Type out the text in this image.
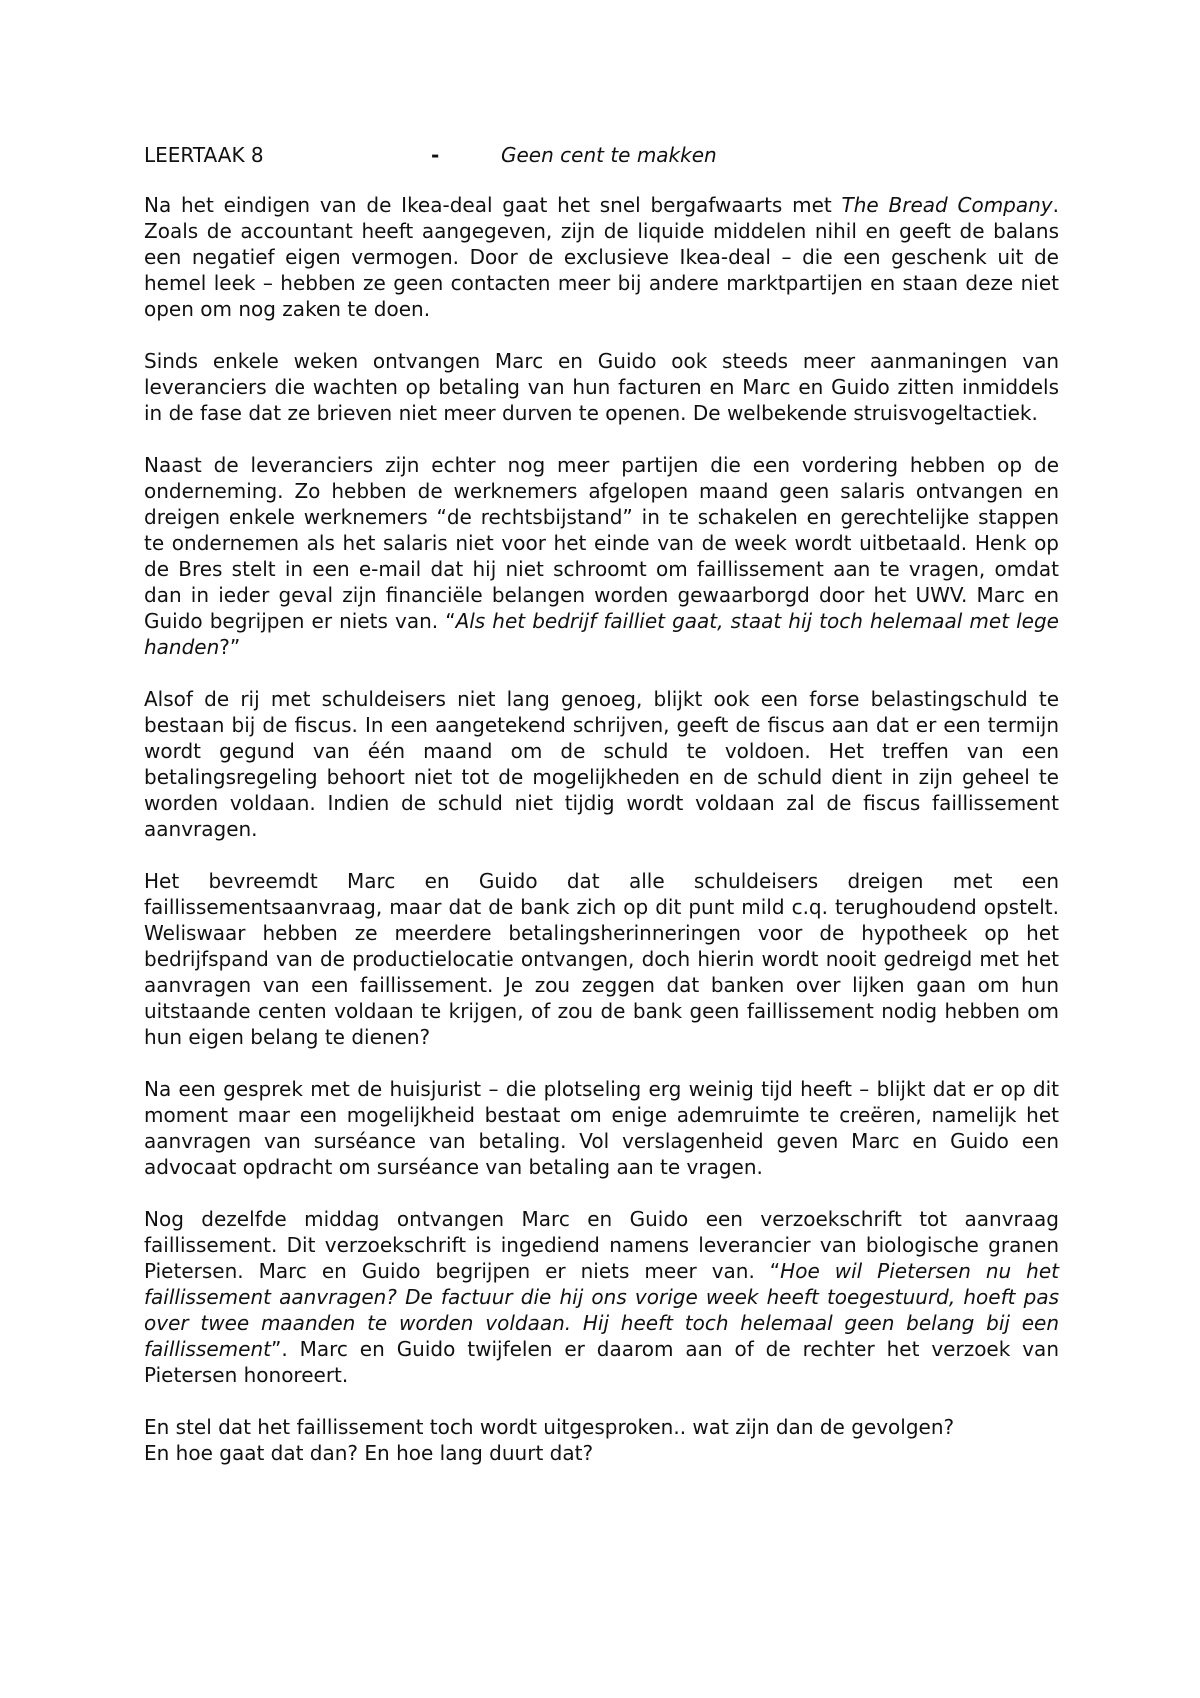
LEERTAAK 8	-	Geen cent te makken

Na het eindigen van de Ikea-deal gaat het snel bergafwaarts met The Bread Company. Zoals de accountant heeft aangegeven, zijn de liquide middelen nihil en geeft de balans een negatief eigen vermogen. Door de exclusieve Ikea-deal – die een geschenk uit de hemel leek – hebben ze geen contacten meer bij andere marktpartijen en staan deze niet open om nog zaken te doen.

Sinds enkele weken ontvangen Marc en Guido ook steeds meer aanmaningen van leveranciers die wachten op betaling van hun facturen en Marc en Guido zitten inmiddels in de fase dat ze brieven niet meer durven te openen. De welbekende struisvogeltactiek.

Naast de leveranciers zijn echter nog meer partijen die een vordering hebben op de onderneming. Zo hebben de werknemers afgelopen maand geen salaris ontvangen en dreigen enkele werknemers “de rechtsbijstand” in te schakelen en gerechtelijke stappen te ondernemen als het salaris niet voor het einde van de week wordt uitbetaald. Henk op de Bres stelt in een e-mail dat hij niet schroomt om faillissement aan te vragen, omdat dan in ieder geval zijn financiële belangen worden gewaarborgd door het UWV. Marc en Guido begrijpen er niets van. “Als het bedrijf failliet gaat, staat hij toch helemaal met lege handen?”

Alsof de rij met schuldeisers niet lang genoeg, blijkt ook een forse belastingschuld te bestaan bij de fiscus. In een aangetekend schrijven, geeft de fiscus aan dat er een termijn wordt gegund van één maand om de schuld te voldoen. Het treffen van een betalingsregeling behoort niet tot de mogelijkheden en de schuld dient in zijn geheel te worden voldaan. Indien de schuld niet tijdig wordt voldaan zal de fiscus faillissement aanvragen.

Het bevreemdt Marc en Guido dat alle schuldeisers dreigen met een faillissementsaanvraag, maar dat de bank zich op dit punt mild c.q. terughoudend opstelt. Weliswaar hebben ze meerdere betalingsherinneringen voor de hypotheek op het bedrijfspand van de productielocatie ontvangen, doch hierin wordt nooit gedreigd met het aanvragen van een faillissement. Je zou zeggen dat banken over lijken gaan om hun uitstaande centen voldaan te krijgen, of zou de bank geen faillissement nodig hebben om hun eigen belang te dienen?

Na een gesprek met de huisjurist – die plotseling erg weinig tijd heeft – blijkt dat er op dit moment maar een mogelijkheid bestaat om enige ademruimte te creëren, namelijk het aanvragen van surséance van betaling. Vol verslagenheid geven Marc en Guido een advocaat opdracht om surséance van betaling aan te vragen.

Nog dezelfde middag ontvangen Marc en Guido een verzoekschrift tot aanvraag faillissement. Dit verzoekschrift is ingediend namens leverancier van biologische granen Pietersen. Marc en Guido begrijpen er niets meer van. “Hoe wil Pietersen nu het faillissement aanvragen? De factuur die hij ons vorige week heeft toegestuurd, hoeft pas over twee maanden te worden voldaan. Hij heeft toch helemaal geen belang bij een faillissement”. Marc en Guido twijfelen er daarom aan of de rechter het verzoek van Pietersen honoreert.

En stel dat het faillissement toch wordt uitgesproken.. wat zijn dan de gevolgen?
En hoe gaat dat dan? En hoe lang duurt dat?
